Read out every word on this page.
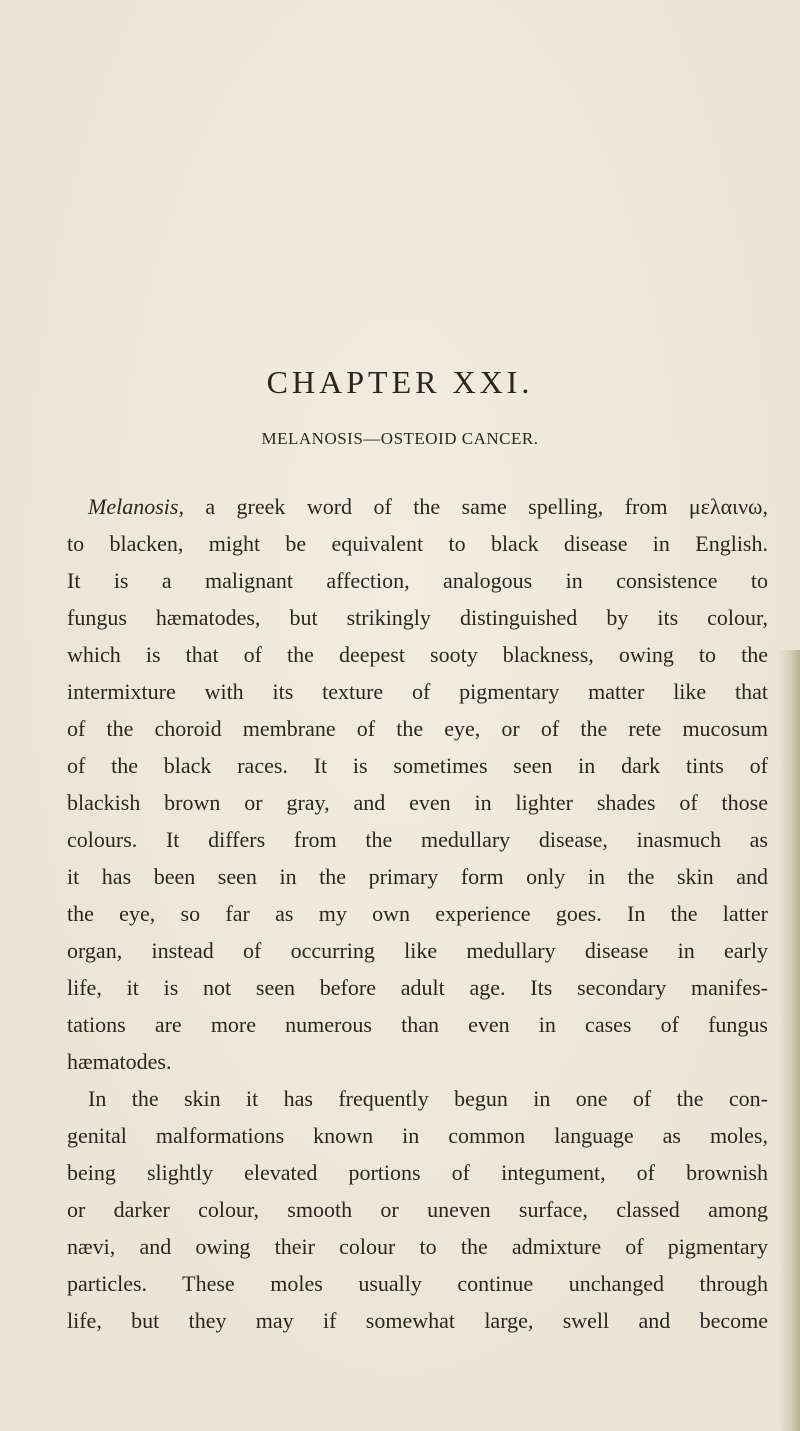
CHAPTER XXI.
MELANOSIS—OSTEOID CANCER.
Melanosis, a greek word of the same spelling, from μελαινω,
to blacken, might be equivalent to black disease in English.
It is a malignant affection, analogous in consistence to
fungus hæmatodes, but strikingly distinguished by its colour,
which is that of the deepest sooty blackness, owing to the
intermixture with its texture of pigmentary matter like that
of the choroid membrane of the eye, or of the rete mucosum
of the black races. It is sometimes seen in dark tints of
blackish brown or gray, and even in lighter shades of those
colours. It differs from the medullary disease, inasmuch as
it has been seen in the primary form only in the skin and
the eye, so far as my own experience goes. In the latter
organ, instead of occurring like medullary disease in early
life, it is not seen before adult age. Its secondary manifes-
tations are more numerous than even in cases of fungus
hæmatodes.
In the skin it has frequently begun in one of the con-
genital malformations known in common language as moles,
being slightly elevated portions of integument, of brownish
or darker colour, smooth or uneven surface, classed among
nævi, and owing their colour to the admixture of pigmentary
particles. These moles usually continue unchanged through
life, but they may if somewhat large, swell and become
